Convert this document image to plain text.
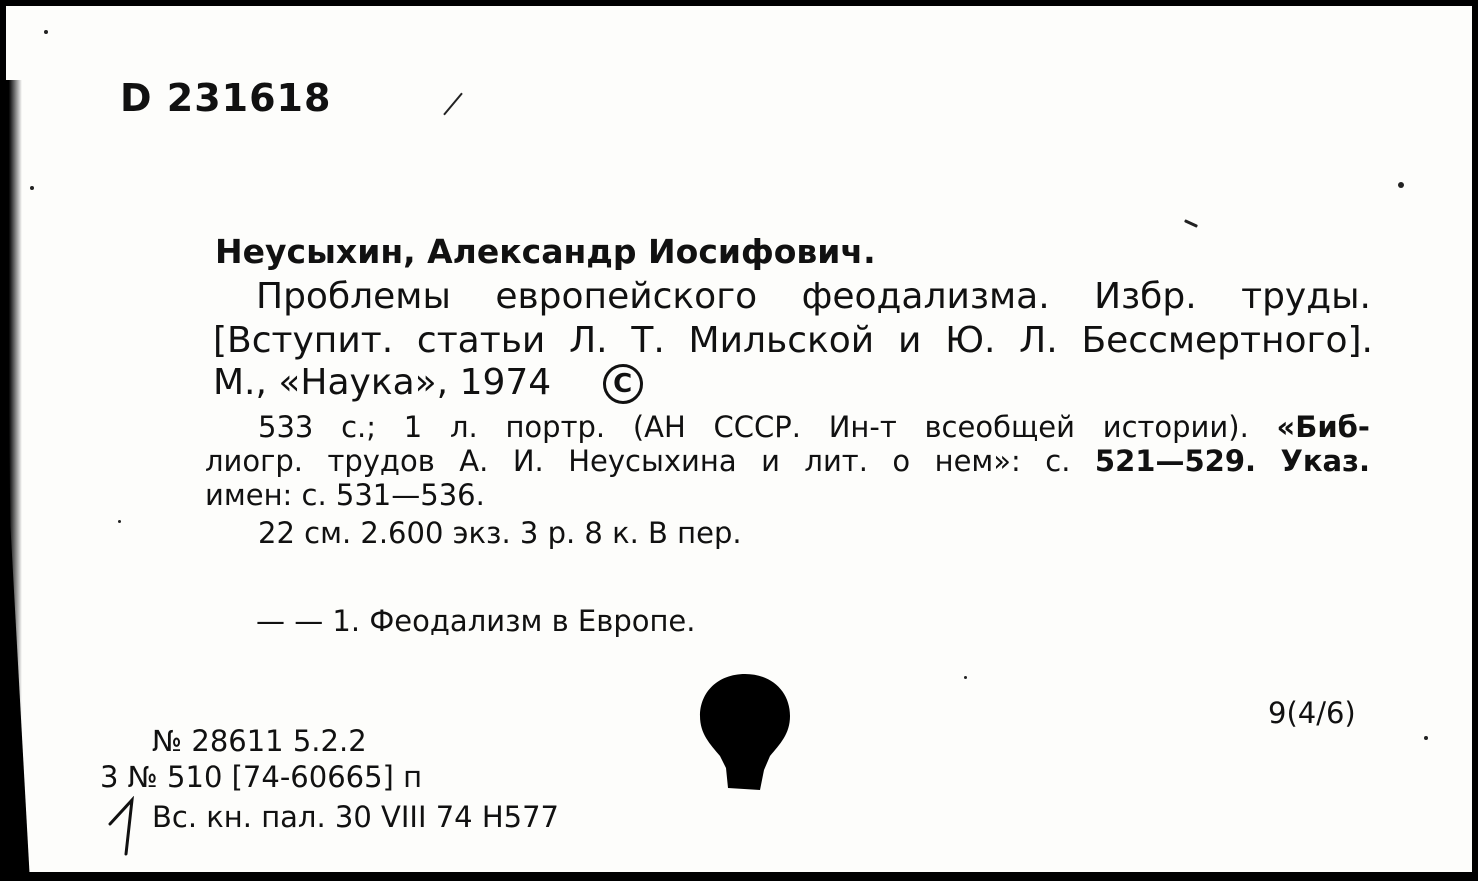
D 231618
Неусыхин, Александр Иосифович.
Проблемы европейского феодализма. Избр. труды.
[Вступит. статьи Л. Т. Мильской и Ю. Л. Бессмертного].
М., «Наука», 1974 C
533 с.; 1 л. портр. (АН СССР. Ин-т всеобщей истории). «Биб-
лиогр. трудов А. И. Неусыхина и лит. о нем»: с. 521—529. Указ.
имен: с. 531—536.
22 см. 2.600 экз. 3 р. 8 к. В пер.
— — 1. Феодализм в Европе.
9(4/6)
№ 28611 5.2.2
3 № 510 [74-60665] п
Вс. кн. пал. 30 VIII 74 Н577
